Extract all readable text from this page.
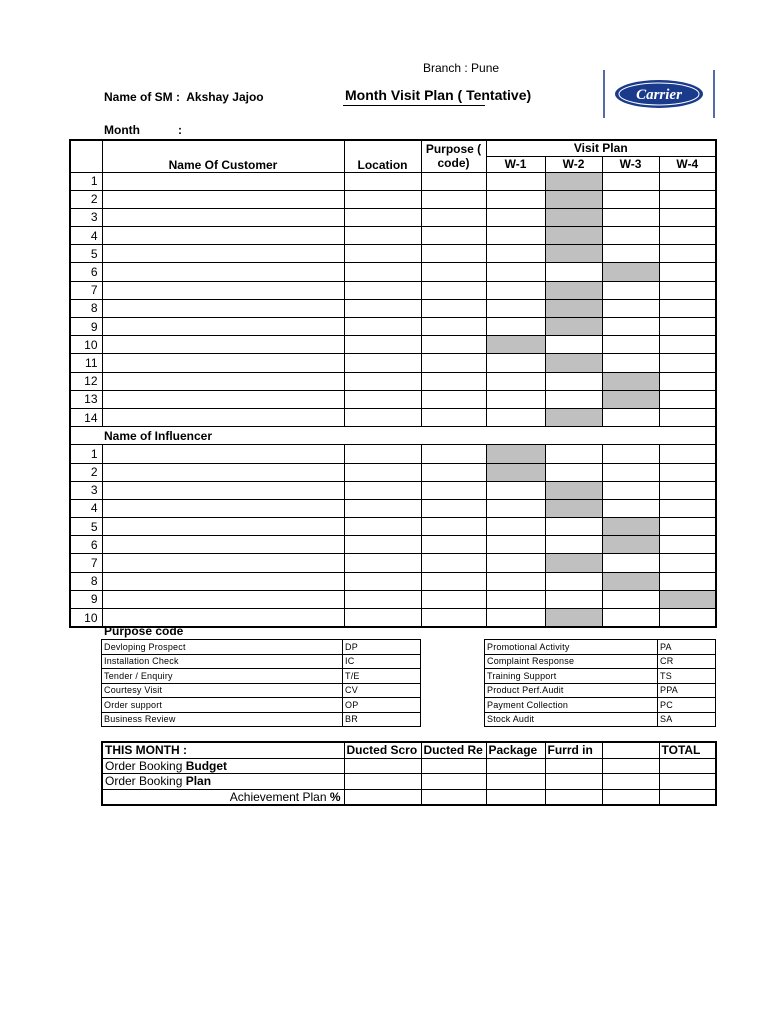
Branch : Pune
Name of SM : Akshay Jajoo	Month Visit Plan ( Tentative)	Carrier
Month	:
	Name Of Customer	Location	Purpose ( code)	Visit Plan			
				W-1	W-2	W-3	W-4
1							
2							
3							
4							
5							
6							
7							
8							
9							
10							
11							
12							
13							
14							
	Name of Influencer						
1							
2							
3							
4							
5							
6							
7							
8							
9							
10							
Purpose code
Devloping Prospect	DP
Installation Check	IC
Tender / Enquiry	T/E
Courtesy Visit	CV
Order support	OP
Business Review	BR
Promotional Activity	PA
Complaint Response	CR
Training Support	TS
Product Perf.Audit	PPA
Payment Collection	PC
Stock Audit	SA
THIS MONTH :	Ducted Scro	Ducted Re	Package	Furrd in		TOTAL
Order Booking Budget						
Order Booking Plan						
Achievement Plan %						
